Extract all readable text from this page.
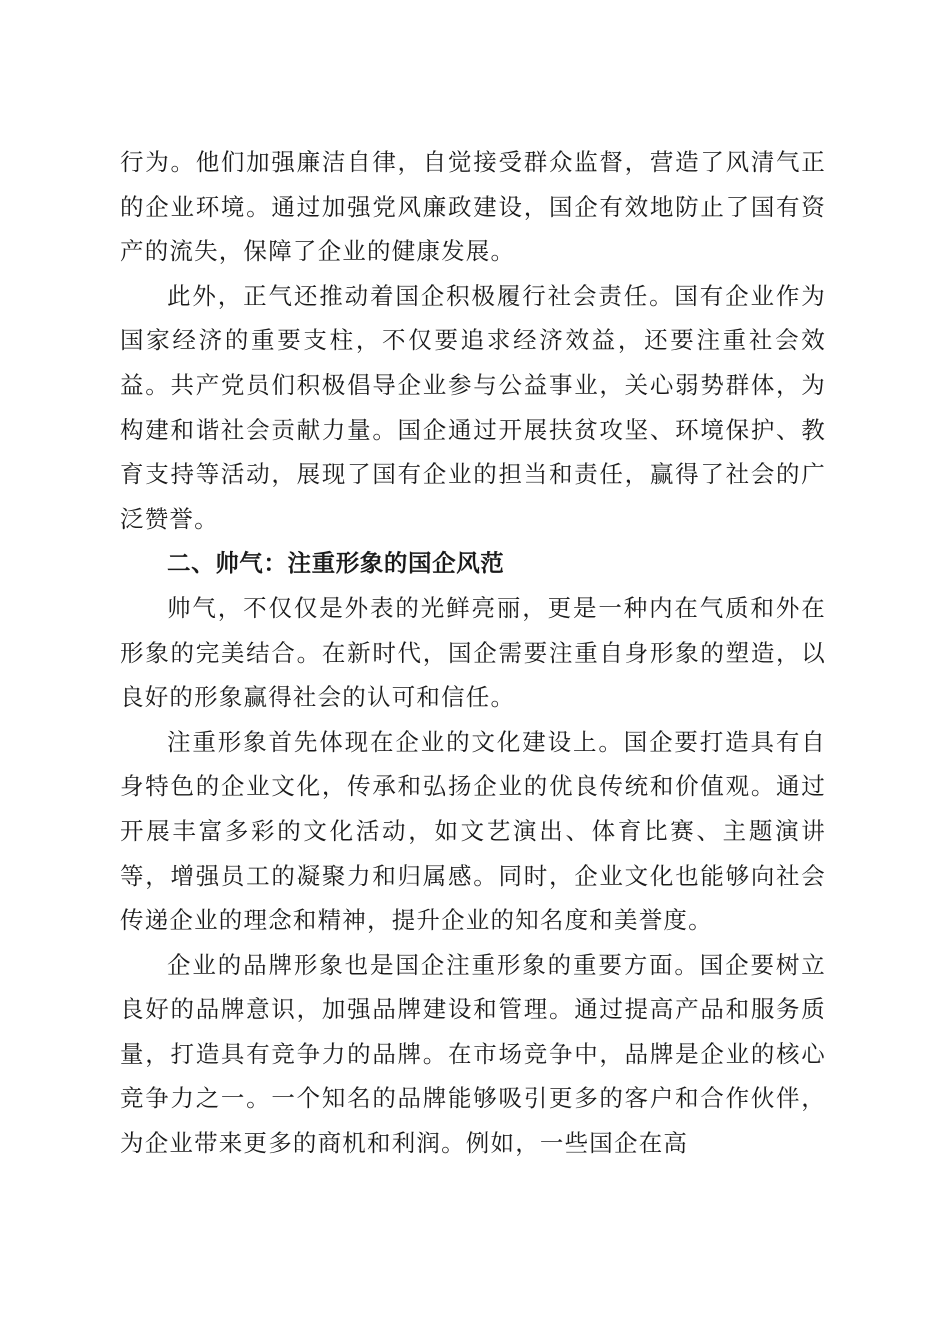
行为。他们加强廉洁自律，自觉接受群众监督，营造了风清气正的企业环境。通过加强党风廉政建设，国企有效地防止了国有资产的流失，保障了企业的健康发展。

此外，正气还推动着国企积极履行社会责任。国有企业作为国家经济的重要支柱，不仅要追求经济效益，还要注重社会效益。共产党员们积极倡导企业参与公益事业，关心弱势群体，为构建和谐社会贡献力量。国企通过开展扶贫攻坚、环境保护、教育支持等活动，展现了国有企业的担当和责任，赢得了社会的广泛赞誉。

二、帅气：注重形象的国企风范

帅气，不仅仅是外表的光鲜亮丽，更是一种内在气质和外在形象的完美结合。在新时代，国企需要注重自身形象的塑造，以良好的形象赢得社会的认可和信任。

注重形象首先体现在企业的文化建设上。国企要打造具有自身特色的企业文化，传承和弘扬企业的优良传统和价值观。通过开展丰富多彩的文化活动，如文艺演出、体育比赛、主题演讲等，增强员工的凝聚力和归属感。同时，企业文化也能够向社会传递企业的理念和精神，提升企业的知名度和美誉度。

企业的品牌形象也是国企注重形象的重要方面。国企要树立良好的品牌意识，加强品牌建设和管理。通过提高产品和服务质量，打造具有竞争力的品牌。在市场竞争中，品牌是企业的核心竞争力之一。一个知名的品牌能够吸引更多的客户和合作伙伴，为企业带来更多的商机和利润。例如，一些国企在高
